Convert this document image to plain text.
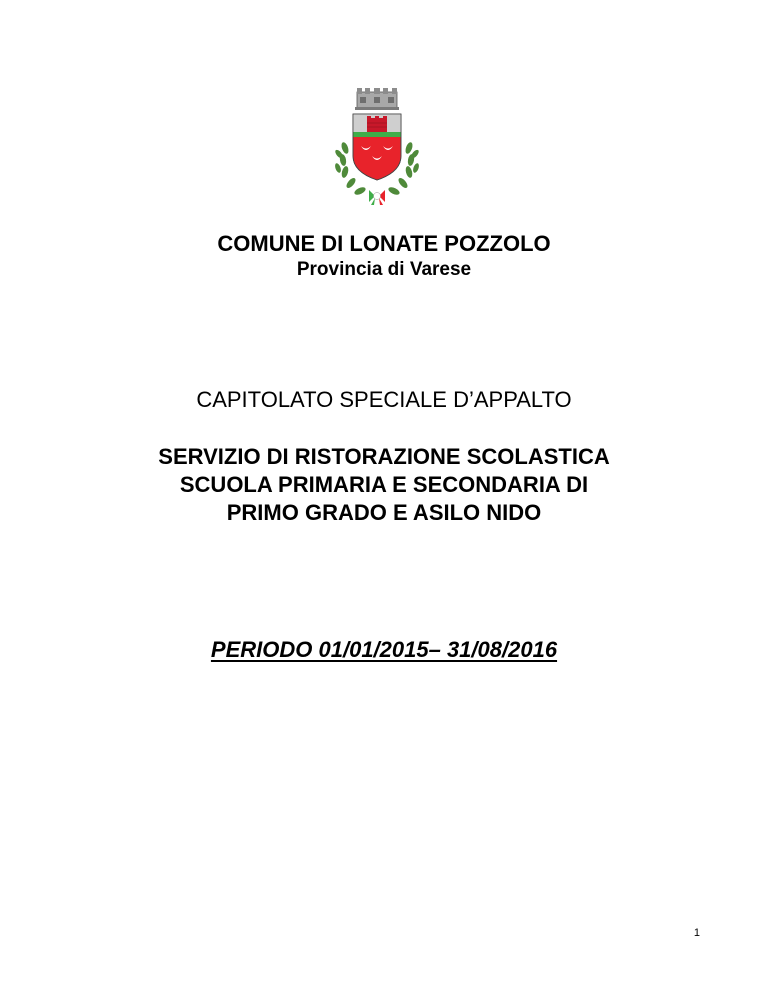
COMUNE DI LONATE POZZOLO
Provincia di Varese
CAPITOLATO SPECIALE D’APPALTO
SERVIZIO DI RISTORAZIONE SCOLASTICA
SCUOLA PRIMARIA E SECONDARIA DI
PRIMO GRADO E ASILO NIDO
PERIODO 01/01/2015– 31/08/2016
1
